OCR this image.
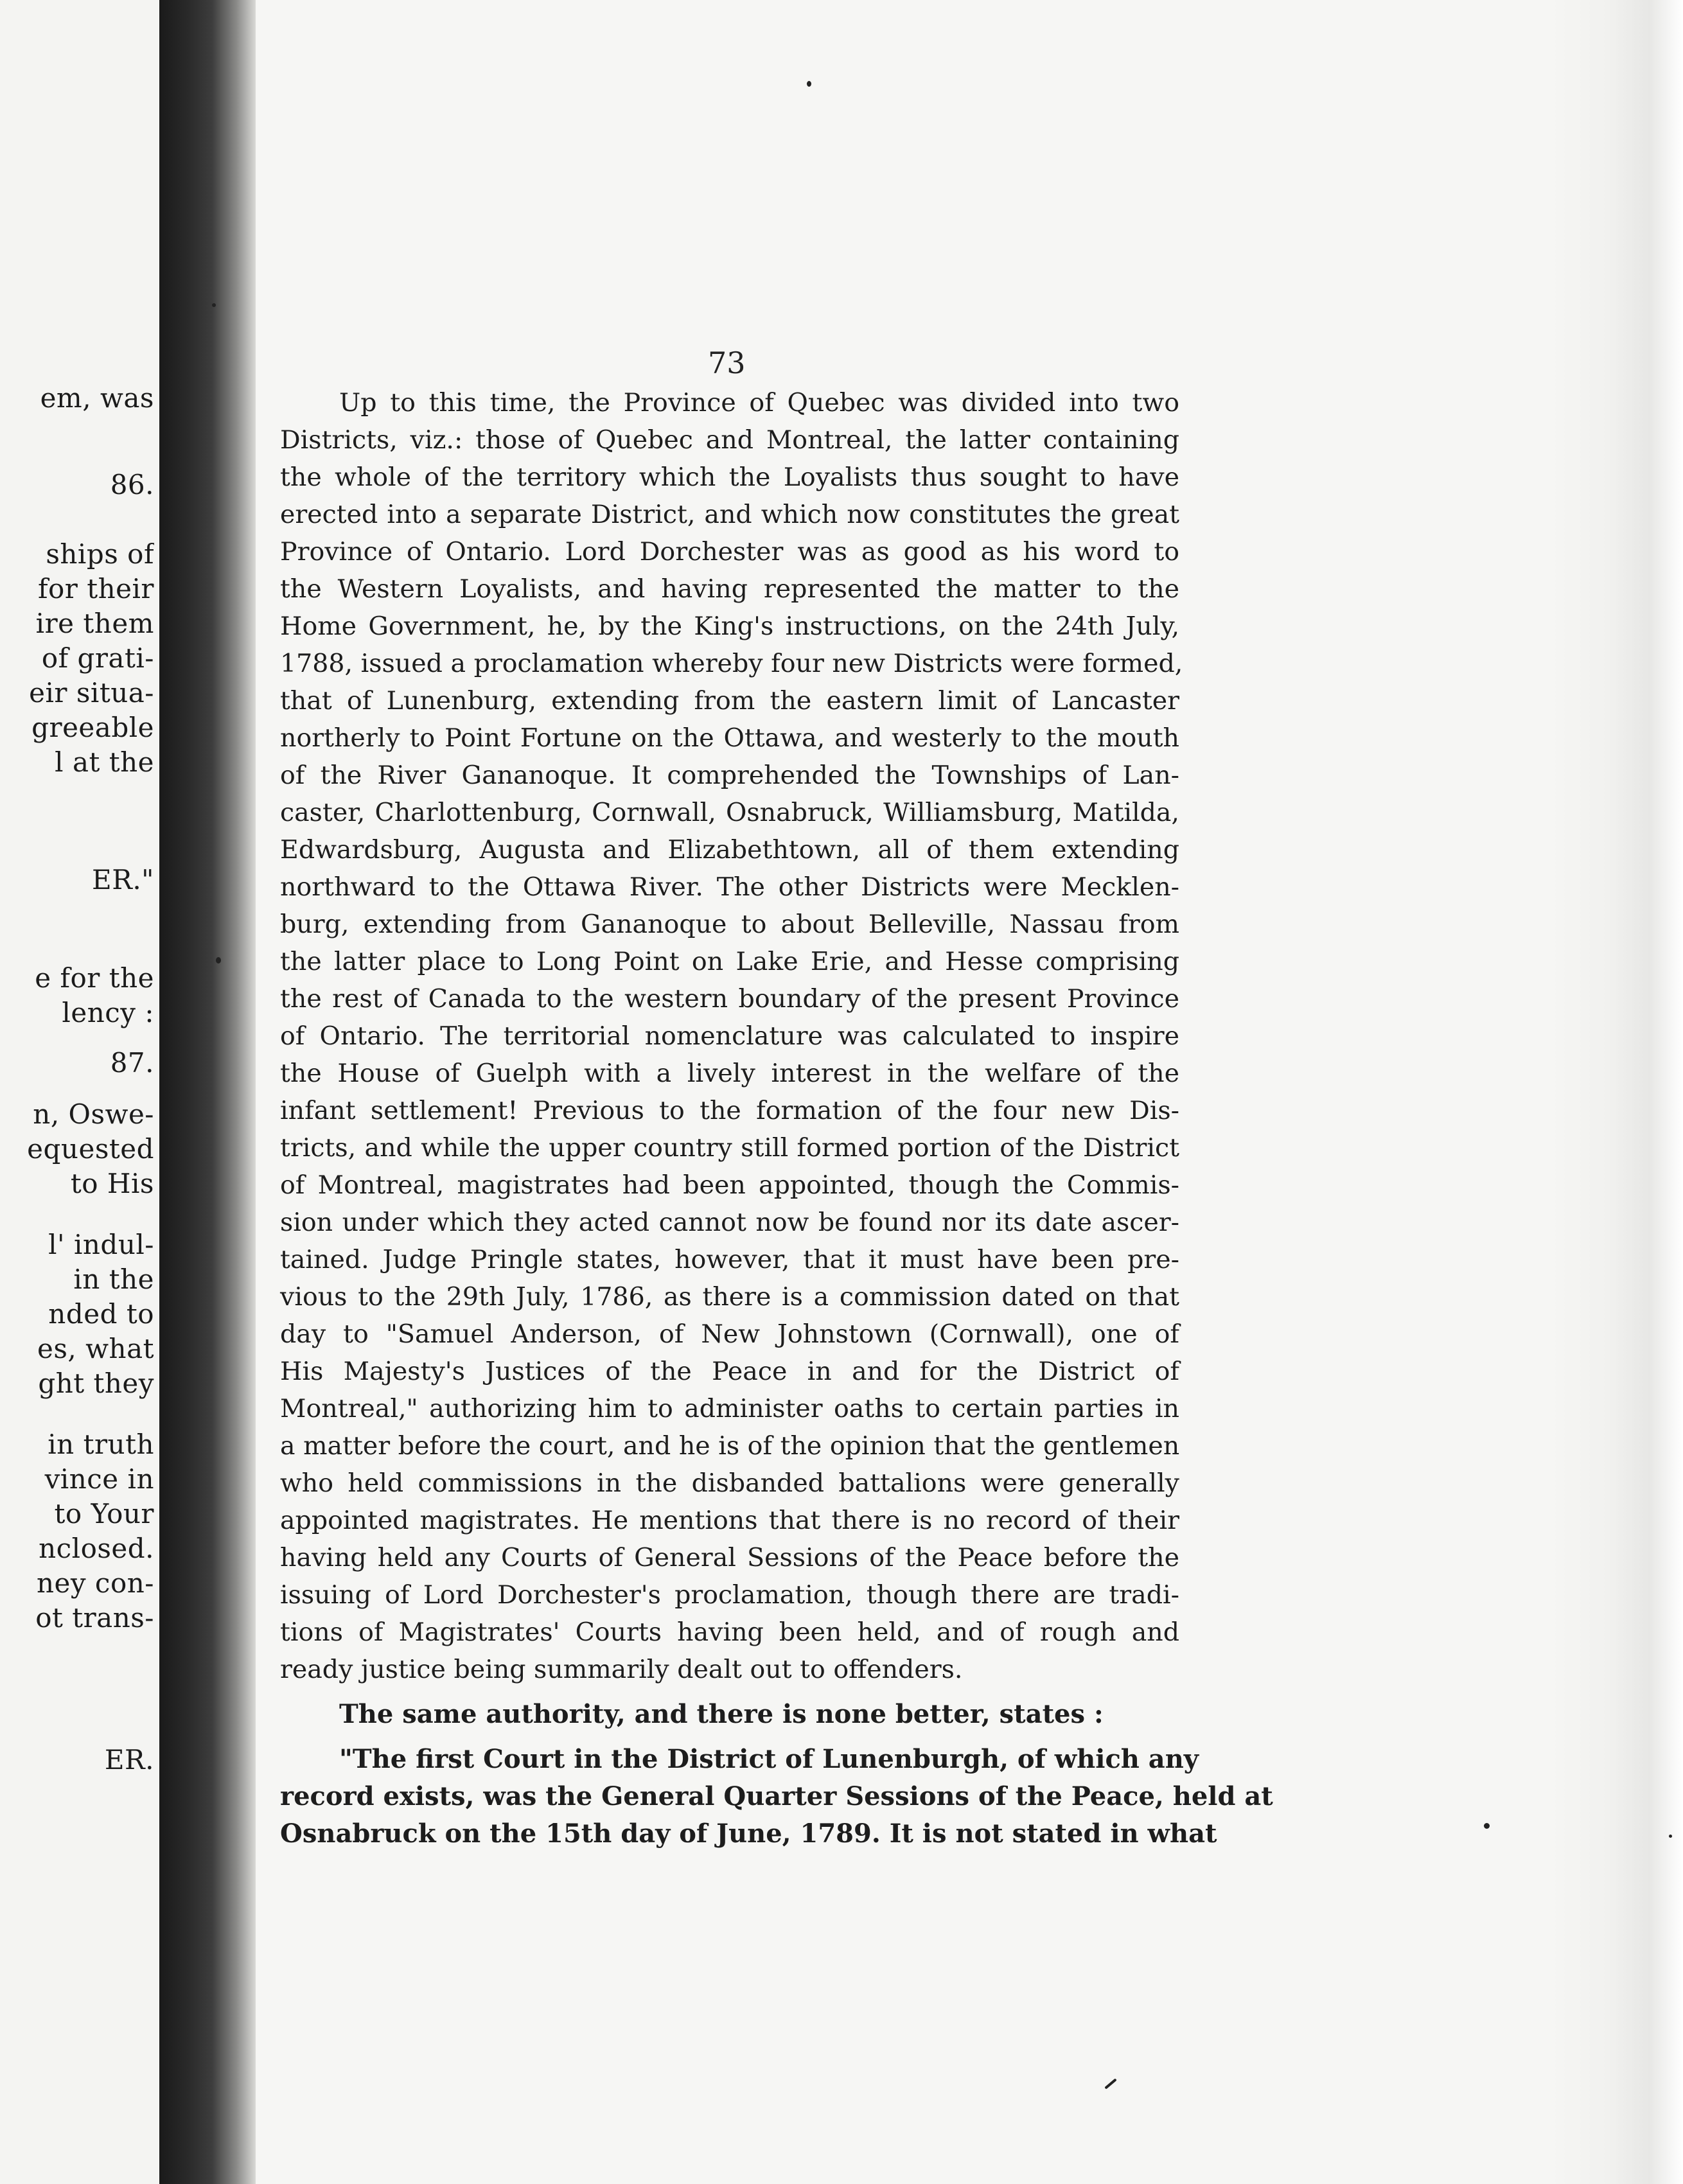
em, was
86.
ships of
for their
ire them
of grati-
eir situa-
greeable
l at the
ER."
e for the
lency :
87.
n, Oswe-
equested
to His
l' indul-
in the
nded to
es, what
ght they
in truth
vince in
to Your
nclosed.
ney con-
ot trans-
ER.
73
Up to this time, the Province of Quebec was divided into two
Districts, viz.: those of Quebec and Montreal, the latter containing
the whole of the territory which the Loyalists thus sought to have
erected into a separate District, and which now constitutes the great
Province of Ontario. Lord Dorchester was as good as his word to
the Western Loyalists, and having represented the matter to the
Home Government, he, by the King's instructions, on the 24th July,
1788, issued a proclamation whereby four new Districts were formed,
that of Lunenburg, extending from the eastern limit of Lancaster
northerly to Point Fortune on the Ottawa, and westerly to the mouth
of the River Gananoque. It comprehended the Townships of Lan-
caster, Charlottenburg, Cornwall, Osnabruck, Williamsburg, Matilda,
Edwardsburg, Augusta and Elizabethtown, all of them extending
northward to the Ottawa River. The other Districts were Mecklen-
burg, extending from Gananoque to about Belleville, Nassau from
the latter place to Long Point on Lake Erie, and Hesse comprising
the rest of Canada to the western boundary of the present Province
of Ontario. The territorial nomenclature was calculated to inspire
the House of Guelph with a lively interest in the welfare of the
infant settlement! Previous to the formation of the four new Dis-
tricts, and while the upper country still formed portion of the District
of Montreal, magistrates had been appointed, though the Commis-
sion under which they acted cannot now be found nor its date ascer-
tained. Judge Pringle states, however, that it must have been pre-
vious to the 29th July, 1786, as there is a commission dated on that
day to "Samuel Anderson, of New Johnstown (Cornwall), one of
His Majesty's Justices of the Peace in and for the District of
Montreal," authorizing him to administer oaths to certain parties in
a matter before the court, and he is of the opinion that the gentlemen
who held commissions in the disbanded battalions were generally
appointed magistrates. He mentions that there is no record of their
having held any Courts of General Sessions of the Peace before the
issuing of Lord Dorchester's proclamation, though there are tradi-
tions of Magistrates' Courts having been held, and of rough and
ready justice being summarily dealt out to offenders.
The same authority, and there is none better, states :
"The first Court in the District of Lunenburgh, of which any
record exists, was the General Quarter Sessions of the Peace, held at
Osnabruck on the 15th day of June, 1789. It is not stated in what
